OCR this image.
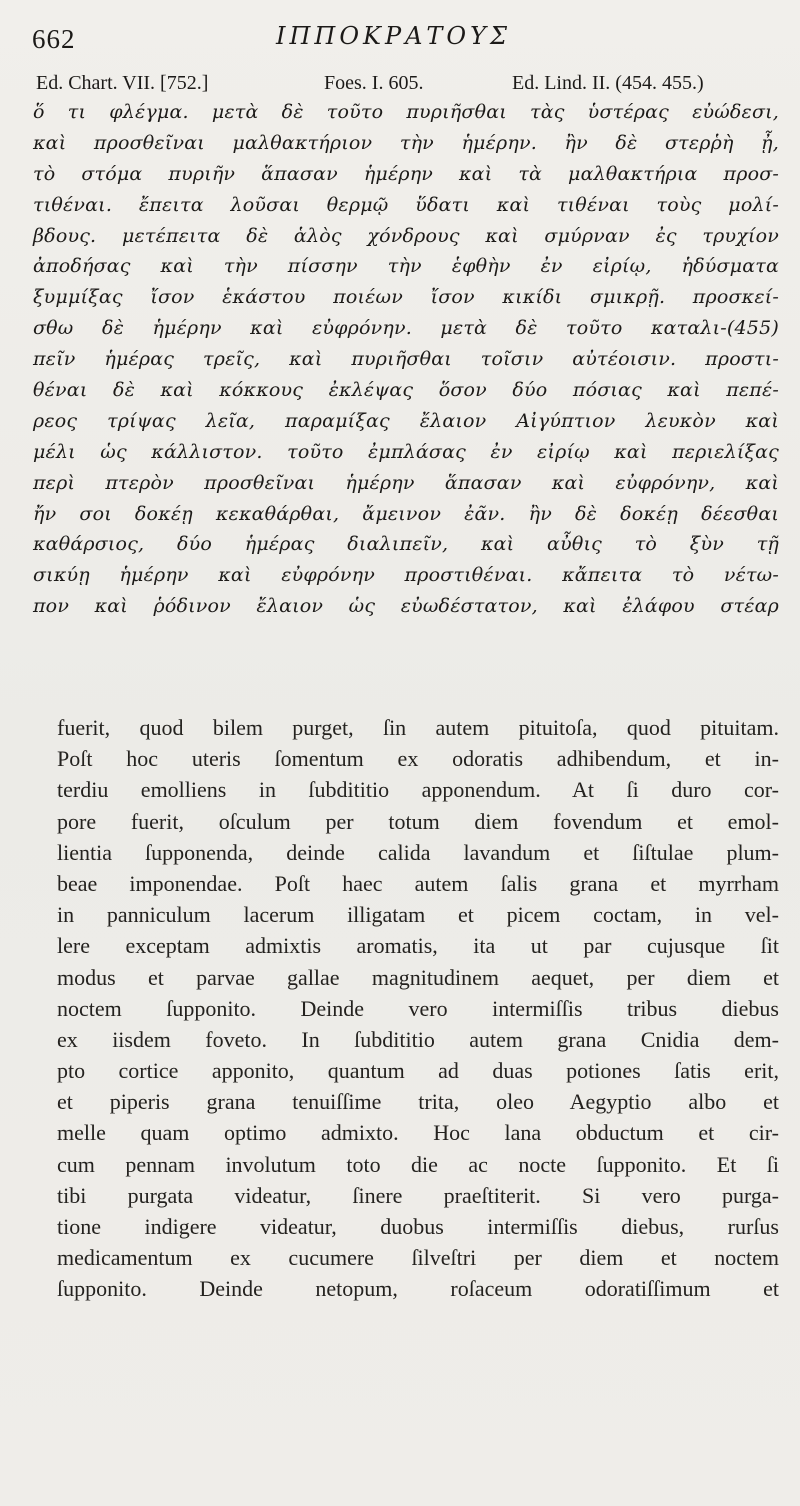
662	ΙΠΠΟΚΡΑΤΟΥΣ
Ed. Chart. VII. [752.]	Foes. I. 605.	Ed. Lind. II. (454. 455.)
ὅ τι φλέγμα. μετὰ δὲ τοῦτο πυριῆσθαι τὰς ὑστέρας εὐώδεσι,
καὶ προσθεῖναι μαλθακτήριον τὴν ἡμέρην. ἢν δὲ στερῥὴ ᾖ,
τὸ στόμα πυριῆν ἅπασαν ἡμέρην καὶ τὰ μαλθακτήρια προσ-
τιθέναι. ἔπειτα λοῦσαι θερμῷ ὕδατι καὶ τιθέναι τοὺς μολί-
βδους. μετέπειτα δὲ ἁλὸς χόνδρους καὶ σμύρναν ἐς τρυχίον
ἀποδήσας καὶ τὴν πίσσην τὴν ἑφθὴν ἐν εἰρίῳ, ἡδύσματα
ξυμμίξας ἴσον ἑκάστου ποιέων ἴσον κικίδι σμικρῇ. προσκεί-
σθω δὲ ἡμέρην καὶ εὐφρόνην. μετὰ δὲ τοῦτο καταλι-(455)
πεῖν ἡμέρας τρεῖς, καὶ πυριῆσθαι τοῖσιν αὐτέοισιν. προστι-
θέναι δὲ καὶ κόκκους ἐκλέψας ὅσον δύο πόσιας καὶ πεπέ-
ρεος τρίψας λεῖα, παραμίξας ἔλαιον Αἰγύπτιον λευκὸν καὶ
μέλι ὡς κάλλιστον. τοῦτο ἐμπλάσας ἐν εἰρίῳ καὶ περιελίξας
περὶ πτερὸν προσθεῖναι ἡμέρην ἅπασαν καὶ εὐφρόνην, καὶ
ἤν σοι δοκέῃ κεκαθάρθαι, ἄμεινον ἐᾶν. ἢν δὲ δοκέῃ δέεσθαι
καθάρσιος, δύο ἡμέρας διαλιπεῖν, καὶ αὖθις τὸ ξὺν τῇ
σικύῃ ἡμέρην καὶ εὐφρόνην προστιθέναι. κἄπειτα τὸ νέτω-
πον καὶ ῥόδινον ἔλαιον ὡς εὐωδέστατον, καὶ ἐλάφου στέαρ
fuerit, quod bilem purget, ſin autem pituitoſa, quod pituitam.
Poſt hoc uteris ſomentum ex odoratis adhibendum, et in-
terdiu emolliens in ſubdititio apponendum. At ſi duro cor-
pore fuerit, oſculum per totum diem fovendum et emol-
lientia ſupponenda, deinde calida lavandum et ſiſtulae plum-
beae imponendae. Poſt haec autem ſalis grana et myrrham
in panniculum lacerum illigatam et picem coctam, in vel-
lere exceptam admixtis aromatis, ita ut par cujusque ſit
modus et parvae gallae magnitudinem aequet, per diem et
noctem ſupponito. Deinde vero intermiſſis tribus diebus
ex iisdem foveto. In ſubdititio autem grana Cnidia dem-
pto cortice apponito, quantum ad duas potiones ſatis erit,
et piperis grana tenuiſſime trita, oleo Aegyptio albo et
melle quam optimo admixto. Hoc lana obductum et cir-
cum pennam involutum toto die ac nocte ſupponito. Et ſi
tibi purgata videatur, ſinere praeſtiterit. Si vero purga-
tione indigere videatur, duobus intermiſſis diebus, rurſus
medicamentum ex cucumere ſilveſtri per diem et noctem
ſupponito. Deinde netopum, roſaceum odoratiſſimum et
